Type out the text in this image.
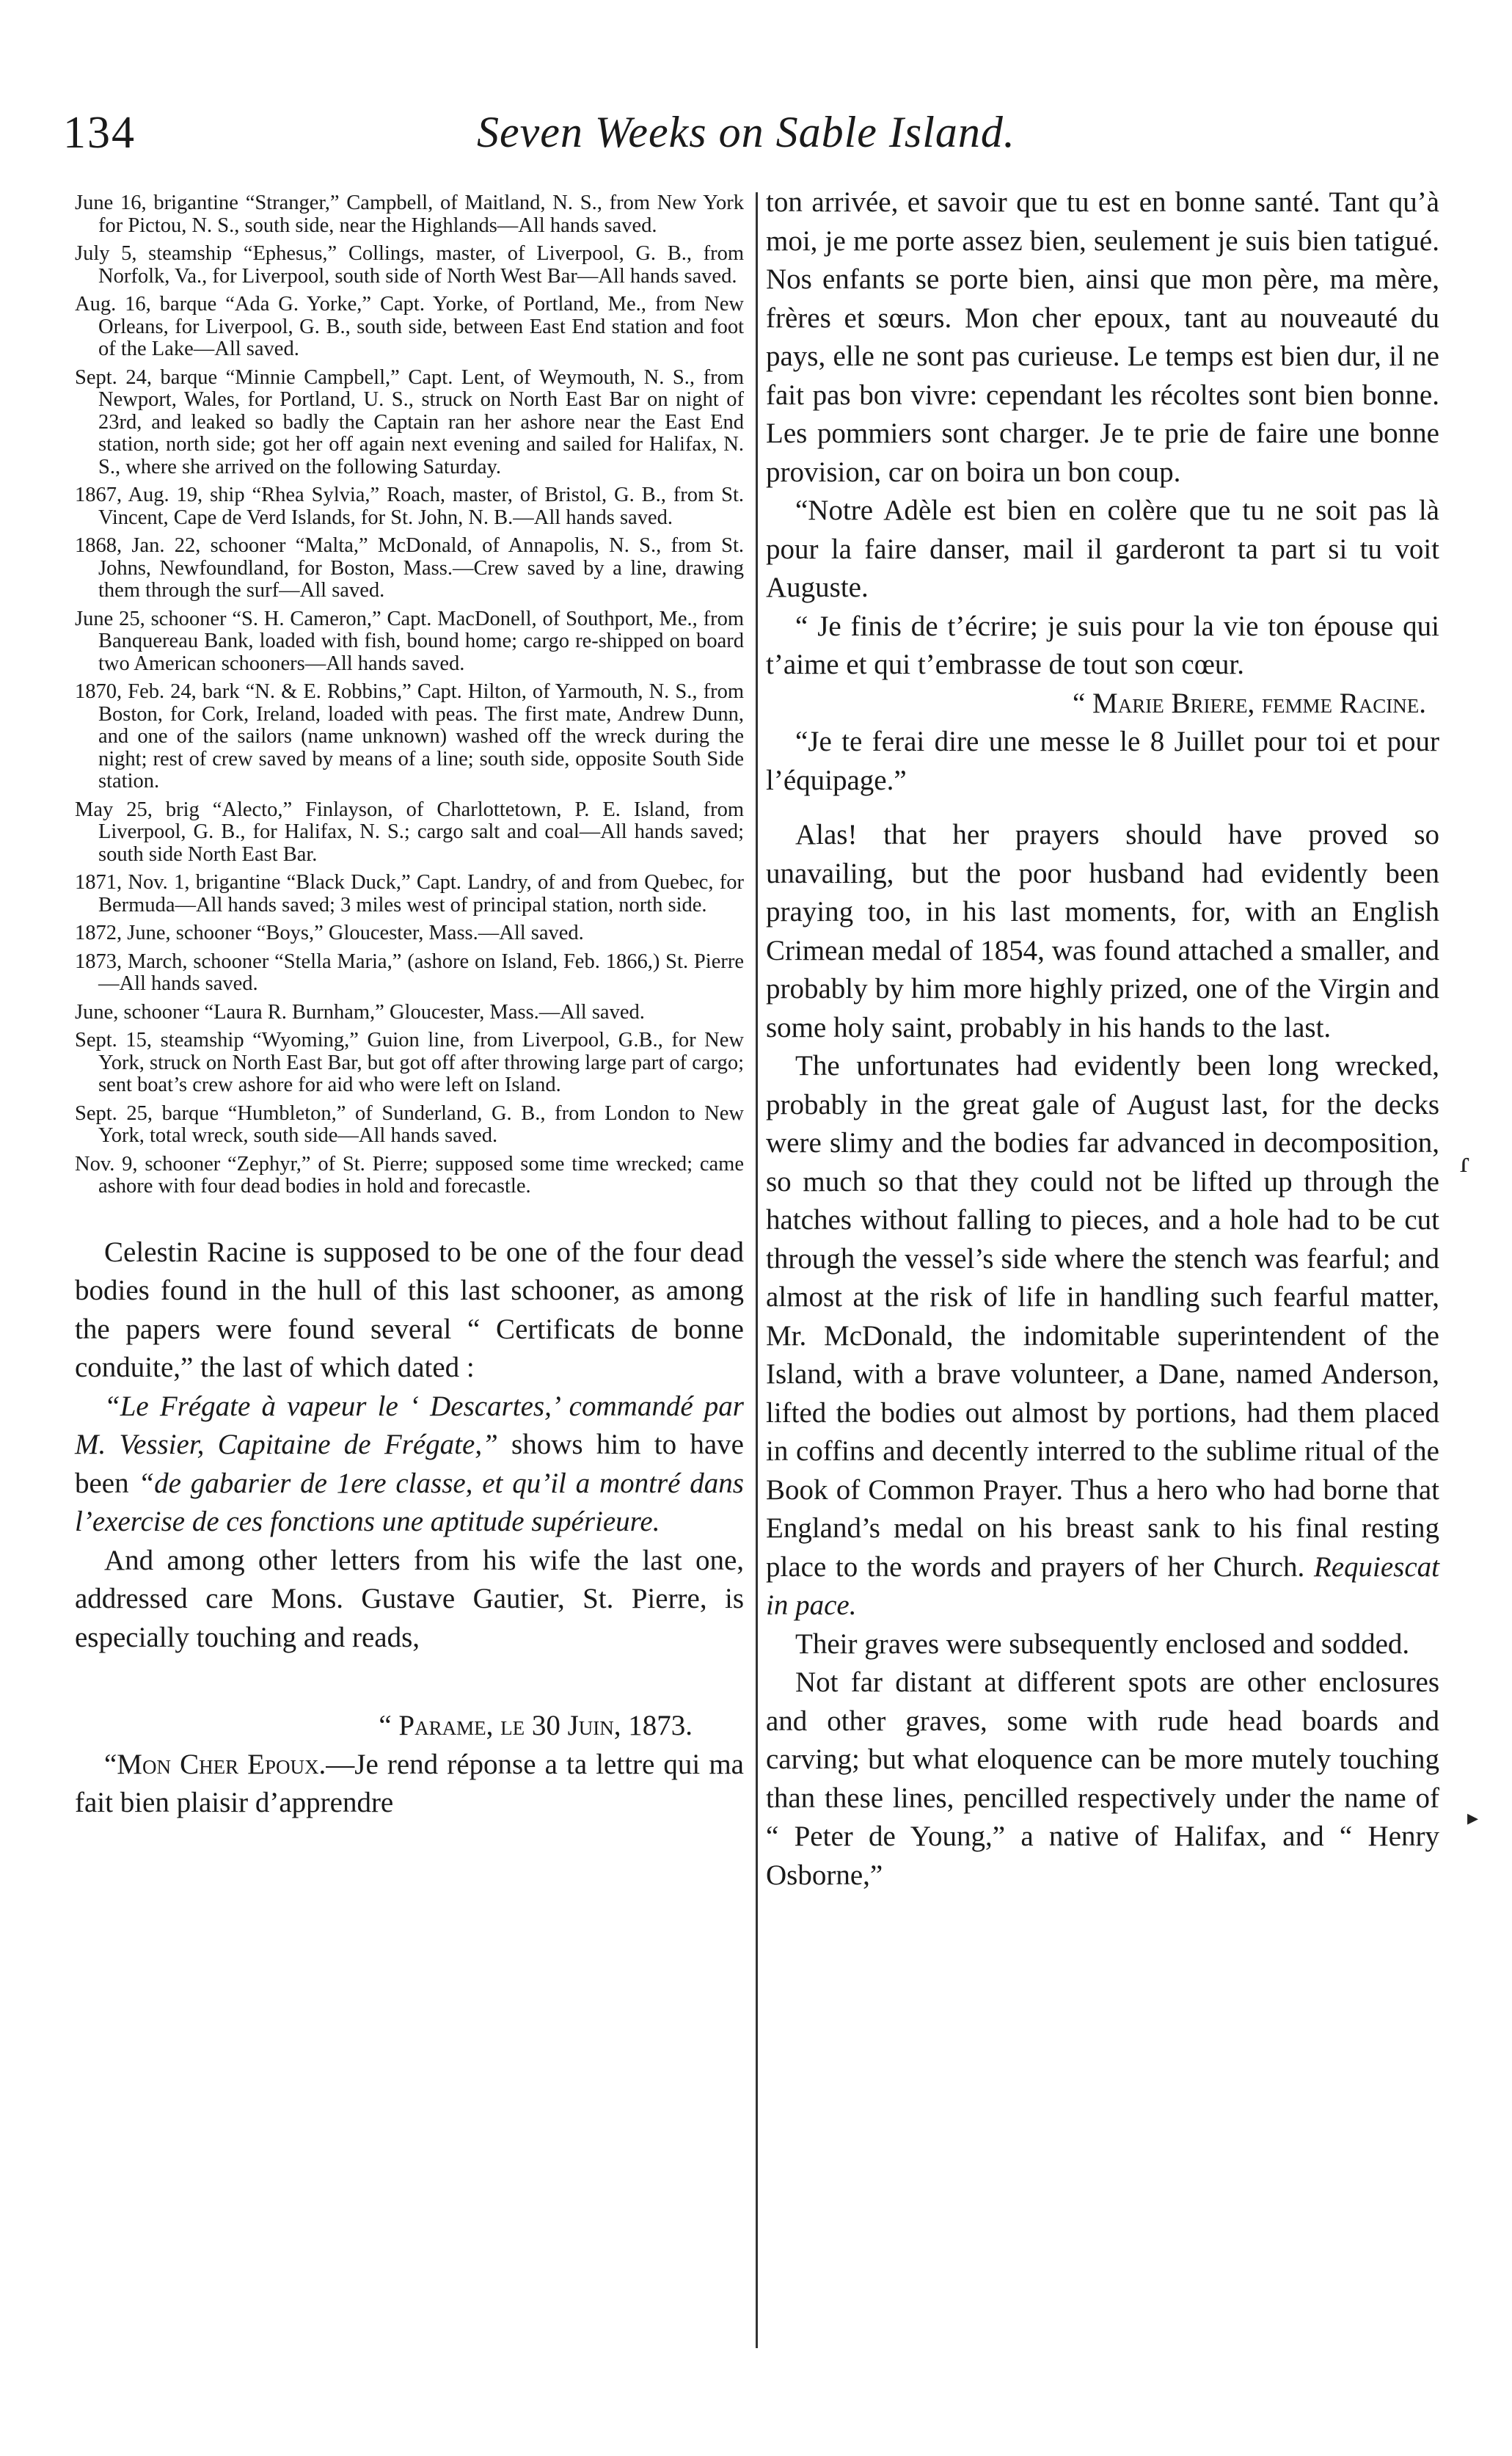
134	Seven Weeks on Sable Island.

June 16, brigantine “Stranger,” Campbell, of Maitland, N. S., from New York for Pictou, N. S., south side, near the Highlands—All hands saved.

July 5, steamship “Ephesus,” Collings, master, of Liverpool, G. B., from Norfolk, Va., for Liverpool, south side of North West Bar—All hands saved.

Aug. 16, barque “Ada G. Yorke,” Capt. Yorke, of Portland, Me., from New Orleans, for Liverpool, G. B., south side, between East End station and foot of the Lake—All saved.

Sept. 24, barque “Minnie Campbell,” Capt. Lent, of Weymouth, N. S., from Newport, Wales, for Portland, U. S., struck on North East Bar on night of 23rd, and leaked so badly the Captain ran her ashore near the East End station, north side; got her off again next evening and sailed for Halifax, N. S., where she arrived on the following Saturday.

1867, Aug. 19, ship “Rhea Sylvia,” Roach, master, of Bristol, G. B., from St. Vincent, Cape de Verd Islands, for St. John, N. B.—All hands saved.

1868, Jan. 22, schooner “Malta,” McDonald, of Annapolis, N. S., from St. Johns, Newfoundland, for Boston, Mass.—Crew saved by a line, drawing them through the surf—All saved.

June 25, schooner “S. H. Cameron,” Capt. MacDonell, of Southport, Me., from Banquereau Bank, loaded with fish, bound home; cargo re-shipped on board two American schooners—All hands saved.

1870, Feb. 24, bark “N. & E. Robbins,” Capt. Hilton, of Yarmouth, N. S., from Boston, for Cork, Ireland, loaded with peas. The first mate, Andrew Dunn, and one of the sailors (name unknown) washed off the wreck during the night; rest of crew saved by means of a line; south side, opposite South Side station.

May 25, brig “Alecto,” Finlayson, of Charlottetown, P. E. Island, from Liverpool, G. B., for Halifax, N. S.; cargo salt and coal—All hands saved; south side North East Bar.

1871, Nov. 1, brigantine “Black Duck,” Capt. Landry, of and from Quebec, for Bermuda—All hands saved; 3 miles west of principal station, north side.

1872, June, schooner “Boys,” Gloucester, Mass.—All saved.

1873, March, schooner “Stella Maria,” (ashore on Island, Feb. 1866,) St. Pierre—All hands saved.

June, schooner “Laura R. Burnham,” Gloucester, Mass.—All saved.

Sept. 15, steamship “Wyoming,” Guion line, from Liverpool, G.B., for New York, struck on North East Bar, but got off after throwing large part of cargo; sent boat’s crew ashore for aid who were left on Island.

Sept. 25, barque “Humbleton,” of Sunderland, G. B., from London to New York, total wreck, south side—All hands saved.

Nov. 9, schooner “Zephyr,” of St. Pierre; supposed some time wrecked; came ashore with four dead bodies in hold and forecastle.

Celestin Racine is supposed to be one of the four dead bodies found in the hull of this last schooner, as among the papers were found several “ Certificats de bonne conduite,” the last of which dated :

“Le Frégate à vapeur le ‘ Descartes,’ commandé par M. Vessier, Capitaine de Frégate,” shows him to have been “de gabarier de 1ere classe, et qu’il a montré dans l’exercise de ces fonctions une aptitude supérieure.

And among other letters from his wife the last one, addressed care Mons. Gustave Gautier, St. Pierre, is especially touching and reads,

“ Parame, le 30 Juin, 1873.

“Mon Cher Epoux.—Je rend réponse a ta lettre qui ma fait bien plaisir d’apprendre

ton arrivée, et savoir que tu est en bonne santé. Tant qu’à moi, je me porte assez bien, seulement je suis bien tatigué. Nos enfants se porte bien, ainsi que mon père, ma mère, frères et sœurs. Mon cher epoux, tant au nouveauté du pays, elle ne sont pas curieuse. Le temps est bien dur, il ne fait pas bon vivre: cependant les récoltes sont bien bonne. Les pommiers sont charger. Je te prie de faire une bonne provision, car on boira un bon coup.

“Notre Adèle est bien en colère que tu ne soit pas là pour la faire danser, mail il garderont ta part si tu voit Auguste.

“ Je finis de t’écrire; je suis pour la vie ton épouse qui t’aime et qui t’embrasse de tout son cœur.

“ Marie Briere, femme Racine.

“Je te ferai dire une messe le 8 Juillet pour toi et pour l’équipage.”

Alas! that her prayers should have proved so unavailing, but the poor husband had evidently been praying too, in his last moments, for, with an English Crimean medal of 1854, was found attached a smaller, and probably by him more highly prized, one of the Virgin and some holy saint, probably in his hands to the last.

The unfortunates had evidently been long wrecked, probably in the great gale of August last, for the decks were slimy and the bodies far advanced in decomposition, so much so that they could not be lifted up through the hatches without falling to pieces, and a hole had to be cut through the vessel’s side where the stench was fearful; and almost at the risk of life in handling such fearful matter, Mr. McDonald, the indomitable superintendent of the Island, with a brave volunteer, a Dane, named Anderson, lifted the bodies out almost by portions, had them placed in coffins and decently interred to the sublime ritual of the Book of Common Prayer. Thus a hero who had borne that England’s medal on his breast sank to his final resting place to the words and prayers of her Church. Requiescat in pace.

Their graves were subsequently enclosed and sodded.

Not far distant at different spots are other enclosures and other graves, some with rude head boards and carving; but what eloquence can be more mutely touching than these lines, pencilled respectively under the name of “ Peter de Young,” a native of Halifax, and “ Henry Osborne,”

ɾ
▸
